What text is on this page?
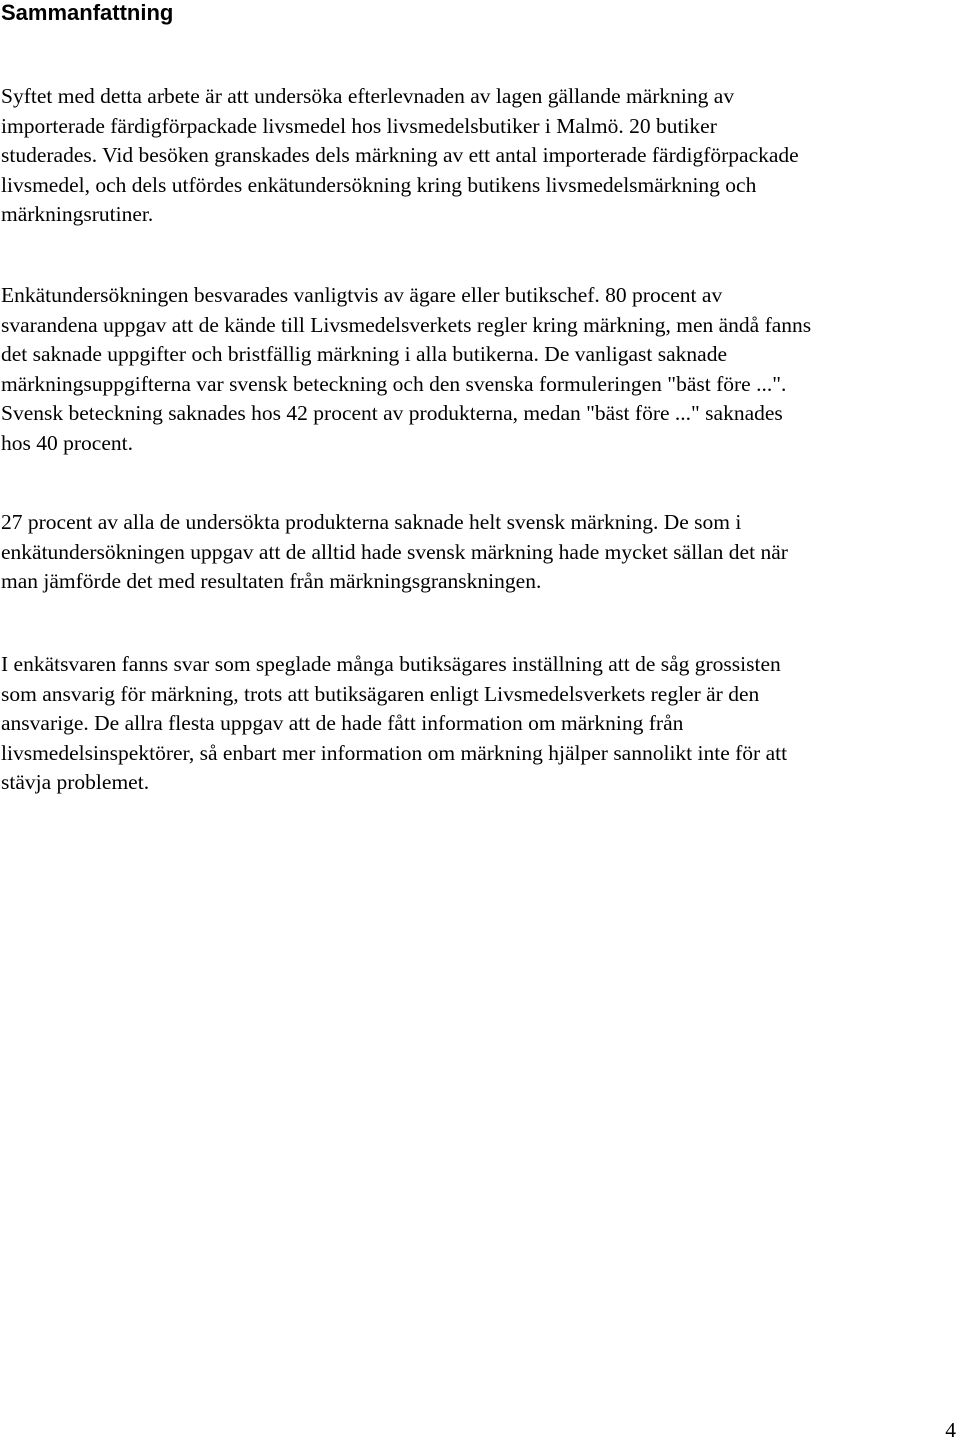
Sammanfattning
Syftet med detta arbete är att undersöka efterlevnaden av lagen gällande märkning av
importerade färdigförpackade livsmedel hos livsmedelsbutiker i Malmö. 20 butiker
studerades. Vid besöken granskades dels märkning av ett antal importerade färdigförpackade
livsmedel, och dels utfördes enkätundersökning kring butikens livsmedelsmärkning och
märkningsrutiner.
Enkätundersökningen besvarades vanligtvis av ägare eller butikschef. 80 procent av
svarandena uppgav att de kände till Livsmedelsverkets regler kring märkning, men ändå fanns
det saknade uppgifter och bristfällig märkning i alla butikerna. De vanligast saknade
märkningsuppgifterna var svensk beteckning och den svenska formuleringen "bäst före ...".
Svensk beteckning saknades hos 42 procent av produkterna, medan "bäst före ..." saknades
hos 40 procent.
27 procent av alla de undersökta produkterna saknade helt svensk märkning. De som i
enkätundersökningen uppgav att de alltid hade svensk märkning hade mycket sällan det när
man jämförde det med resultaten från märkningsgranskningen.
I enkätsvaren fanns svar som speglade många butiksägares inställning att de såg grossisten
som ansvarig för märkning, trots att butiksägaren enligt Livsmedelsverkets regler är den
ansvarige. De allra flesta uppgav att de hade fått information om märkning från
livsmedelsinspektörer, så enbart mer information om märkning hjälper sannolikt inte för att
stävja problemet.
4
